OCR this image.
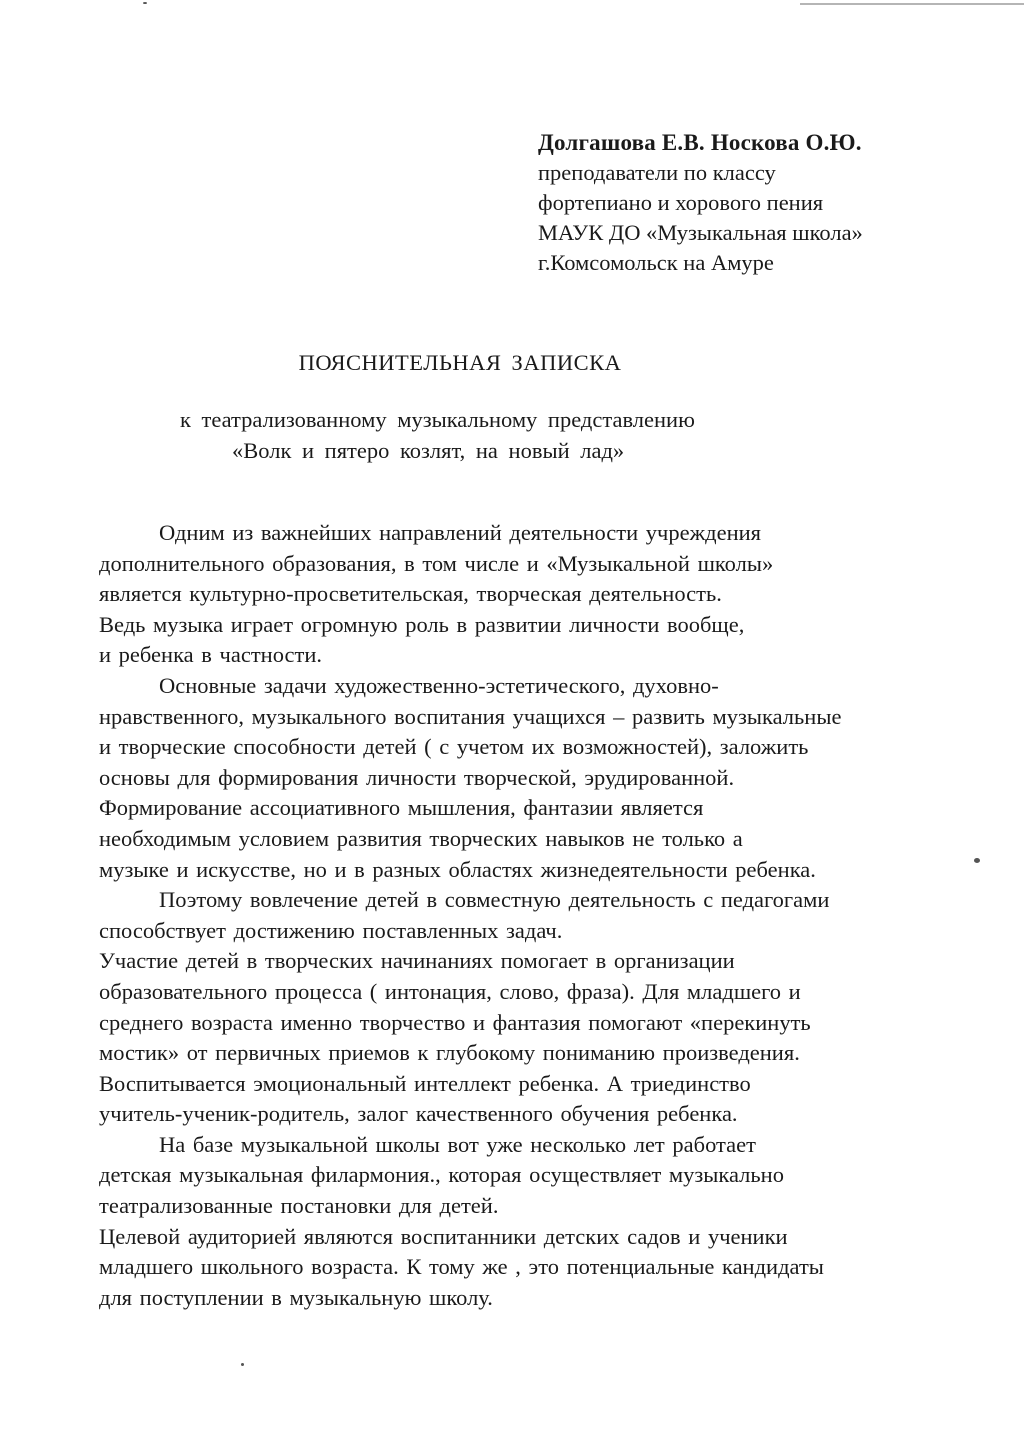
Долгашова Е.В. Носкова О.Ю.
преподаватели по классу
фортепиано и хорового пения
МАУК ДО «Музыкальная школа»
г.Комсомольск на Амуре
ПОЯСНИТЕЛЬНАЯ ЗАПИСКА
к театрализованному музыкальному представлению
«Волк и пятеро козлят, на новый лад»
Одним из важнейших направлений деятельности учреждения
дополнительного образования, в том числе и «Музыкальной школы»
является культурно-просветительская, творческая деятельность.
Ведь музыка играет огромную роль в развитии личности вообще,
и ребенка в частности.
Основные задачи художественно-эстетического, духовно-
нравственного, музыкального воспитания учащихся – развить музыкальные
и творческие способности детей ( с учетом их возможностей), заложить
основы для формирования личности творческой, эрудированной.
Формирование ассоциативного мышления, фантазии является
необходимым условием развития творческих навыков не только а
музыке и искусстве, но и в разных областях жизнедеятельности ребенка.
Поэтому вовлечение детей в совместную деятельность с педагогами
способствует достижению поставленных задач.
Участие детей в творческих начинаниях помогает в организации
образовательного процесса ( интонация, слово, фраза). Для младшего и
среднего возраста именно творчество и фантазия помогают «перекинуть
мостик» от первичных приемов к глубокому пониманию произведения.
Воспитывается эмоциональный интеллект ребенка. А триединство
учитель-ученик-родитель, залог качественного обучения ребенка.
На базе музыкальной школы вот уже несколько лет работает
детская музыкальная филармония., которая осуществляет музыкально
театрализованные постановки для детей.
Целевой аудиторией являются воспитанники детских садов и ученики
младшего школьного возраста. К тому же , это потенциальные кандидаты
для поступлении в музыкальную школу.
